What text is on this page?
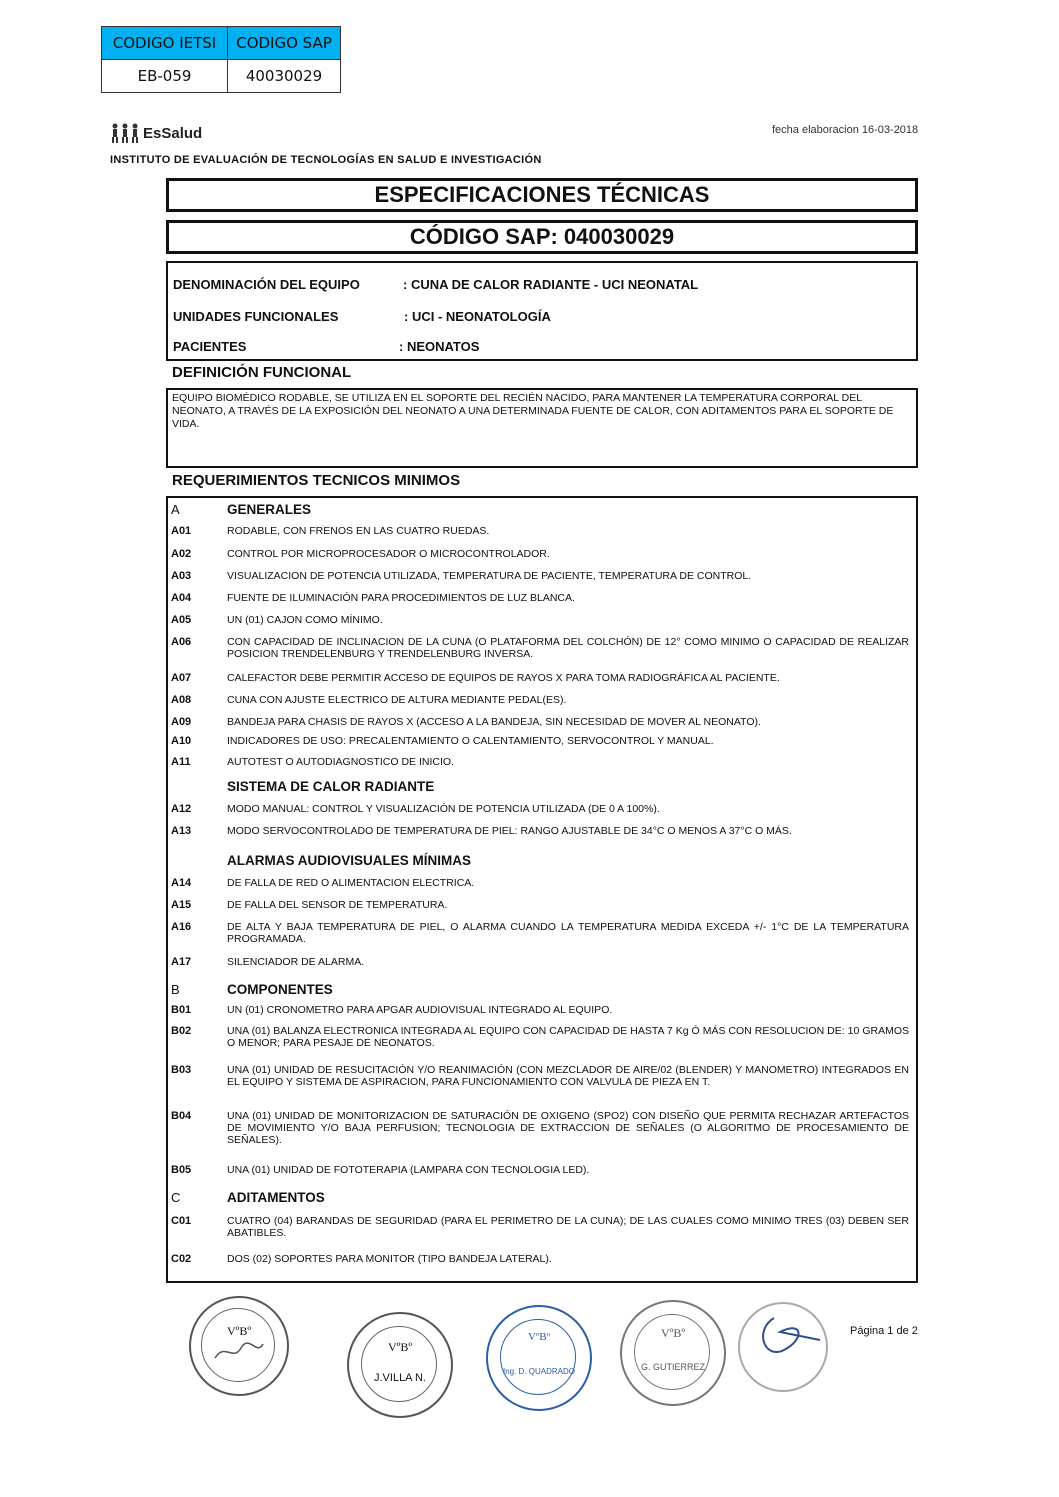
CODIGO IETSI	CODIGO SAP
EB-059	40030029
EsSalud
INSTITUTO DE EVALUACIÓN DE TECNOLOGÍAS EN SALUD E INVESTIGACIÓN
fecha elaboracion 16-03-2018
ESPECIFICACIONES TÉCNICAS
CÓDIGO SAP: 040030029
DENOMINACIÓN DEL EQUIPO	: CUNA DE CALOR RADIANTE - UCI NEONATAL
UNIDADES FUNCIONALES	: UCI - NEONATOLOGÍA
PACIENTES	: NEONATOS
DEFINICIÓN FUNCIONAL
EQUIPO BIOMÉDICO RODABLE, SE UTILIZA EN EL SOPORTE DEL RECIÉN NACIDO, PARA MANTENER LA TEMPERATURA CORPORAL DEL NEONATO, A TRAVÉS DE LA EXPOSICIÓN DEL NEONATO A UNA DETERMINADA FUENTE DE CALOR, CON ADITAMENTOS PARA EL SOPORTE DE VIDA.
REQUERIMIENTOS TECNICOS MINIMOS
A	GENERALES
A01	RODABLE, CON FRENOS EN LAS CUATRO RUEDAS.
A02	CONTROL POR MICROPROCESADOR O MICROCONTROLADOR.
A03	VISUALIZACION DE POTENCIA UTILIZADA, TEMPERATURA DE PACIENTE, TEMPERATURA DE CONTROL.
A04	FUENTE DE ILUMINACIÓN PARA PROCEDIMIENTOS DE LUZ BLANCA.
A05	UN (01) CAJON COMO MÍNIMO.
A06	CON CAPACIDAD DE INCLINACION DE LA CUNA (O PLATAFORMA DEL COLCHÓN) DE 12° COMO MINIMO O CAPACIDAD DE REALIZAR POSICION TRENDELENBURG Y TRENDELENBURG INVERSA.
A07	CALEFACTOR DEBE PERMITIR ACCESO DE EQUIPOS DE RAYOS X PARA TOMA RADIOGRÁFICA AL PACIENTE.
A08	CUNA CON AJUSTE ELECTRICO DE ALTURA MEDIANTE PEDAL(ES).
A09	BANDEJA PARA CHASIS DE RAYOS X (ACCESO A LA BANDEJA, SIN NECESIDAD DE MOVER AL NEONATO).
A10	INDICADORES DE USO: PRECALENTAMIENTO O CALENTAMIENTO, SERVOCONTROL Y MANUAL.
A11	AUTOTEST O AUTODIAGNOSTICO DE INICIO.
SISTEMA DE CALOR RADIANTE
A12	MODO MANUAL: CONTROL Y VISUALIZACIÓN DE POTENCIA UTILIZADA (DE 0 A 100%).
A13	MODO SERVOCONTROLADO DE TEMPERATURA DE PIEL: RANGO AJUSTABLE DE 34°C O MENOS A 37°C O MÁS.
ALARMAS AUDIOVISUALES MÍNIMAS
A14	DE FALLA DE RED O ALIMENTACION ELECTRICA.
A15	DE FALLA DEL SENSOR DE TEMPERATURA.
A16	DE ALTA Y BAJA TEMPERATURA DE PIEL, O ALARMA CUANDO LA TEMPERATURA MEDIDA EXCEDA +/- 1°C DE LA TEMPERATURA PROGRAMADA.
A17	SILENCIADOR DE ALARMA.
B	COMPONENTES
B01	UN (01) CRONOMETRO PARA APGAR AUDIOVISUAL INTEGRADO AL EQUIPO.
B02	UNA (01) BALANZA ELECTRONICA INTEGRADA AL EQUIPO CON CAPACIDAD DE HASTA 7 Kg Ó MÁS CON RESOLUCION DE: 10 GRAMOS O MENOR; PARA PESAJE DE NEONATOS.
B03	UNA (01) UNIDAD DE RESUCITACIÓN Y/O REANIMACIÓN (CON MEZCLADOR DE AIRE/02 (BLENDER) Y MANOMETRO) INTEGRADOS EN EL EQUIPO Y SISTEMA DE ASPIRACION, PARA FUNCIONAMIENTO CON VALVULA DE PIEZA EN T.
B04	UNA (01) UNIDAD DE MONITORIZACION DE SATURACIÓN DE OXIGENO (SPO2) CON DISEÑO QUE PERMITA RECHAZAR ARTEFACTOS DE MOVIMIENTO Y/O BAJA PERFUSION; TECNOLOGIA DE EXTRACCION DE SEÑALES (O ALGORITMO DE PROCESAMIENTO DE SEÑALES).
B05	UNA (01) UNIDAD DE FOTOTERAPIA (LAMPARA CON TECNOLOGIA LED).
C	ADITAMENTOS
C01	CUATRO (04) BARANDAS DE SEGURIDAD (PARA EL PERIMETRO DE LA CUNA); DE LAS CUALES COMO MINIMO TRES (03) DEBEN SER ABATIBLES.
C02	DOS (02) SOPORTES PARA MONITOR (TIPO BANDEJA LATERAL).
VºBº
VºBº
J.VILLA N.
VºBº
Ing. D. QUADRADO
VºBº
G. GUTIERREZ
Página 1 de 2
